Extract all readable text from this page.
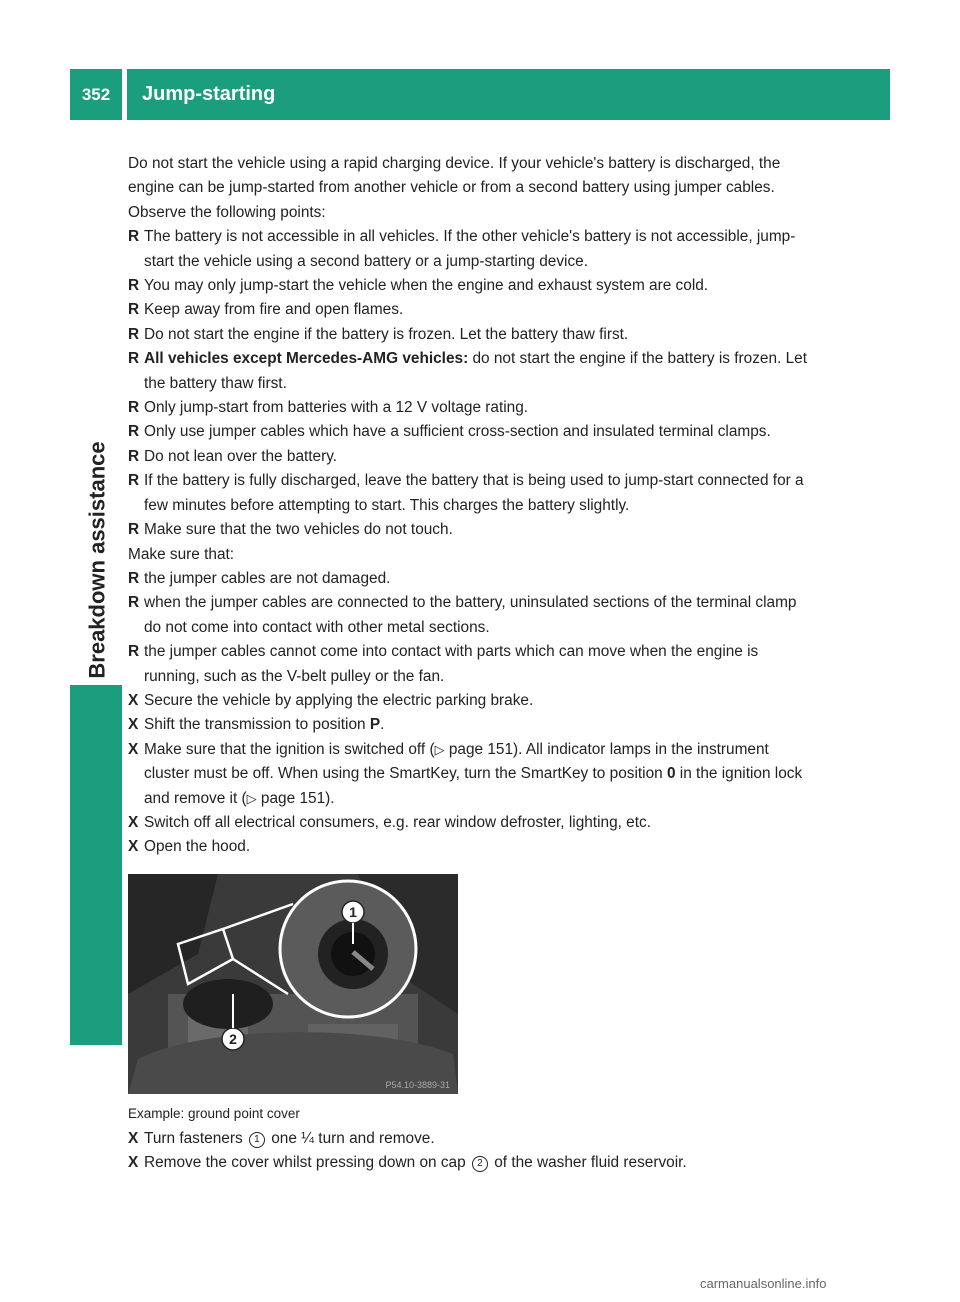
352	Jump-starting
Breakdown assistance

Do not start the vehicle using a rapid charging device. If your vehicle's battery is discharged, the engine can be jump-started from another vehicle or from a second battery using jumper cables. Observe the following points:

R The battery is not accessible in all vehicles. If the other vehicle's battery is not accessible, jump-start the vehicle using a second battery or a jump-starting device.

R You may only jump-start the vehicle when the engine and exhaust system are cold.

R Keep away from fire and open flames.

R Do not start the engine if the battery is frozen. Let the battery thaw first.

R All vehicles except Mercedes-AMG vehicles: do not start the engine if the battery is frozen. Let the battery thaw first.

R Only jump-start from batteries with a 12 V voltage rating.

R Only use jumper cables which have a sufficient cross-section and insulated terminal clamps.

R Do not lean over the battery.

R If the battery is fully discharged, leave the battery that is being used to jump-start connected for a few minutes before attempting to start. This charges the battery slightly.

R Make sure that the two vehicles do not touch.

Make sure that:

R the jumper cables are not damaged.

R when the jumper cables are connected to the battery, uninsulated sections of the terminal clamp do not come into contact with other metal sections.

R the jumper cables cannot come into contact with parts which can move when the engine is running, such as the V-belt pulley or the fan.

X Secure the vehicle by applying the electric parking brake.

X Shift the transmission to position P.

X Make sure that the ignition is switched off (▷ page 151). All indicator lamps in the instrument cluster must be off. When using the SmartKey, turn the SmartKey to position 0 in the ignition lock and remove it (▷ page 151).

X Switch off all electrical consumers, e.g. rear window defroster, lighting, etc.

X Open the hood.

1
2
P54.10-3889-31

Example: ground point cover

X Turn fasteners 1 one ¼ turn and remove.

X Remove the cover whilst pressing down on cap 2 of the washer fluid reservoir.

carmanualsonline.info
